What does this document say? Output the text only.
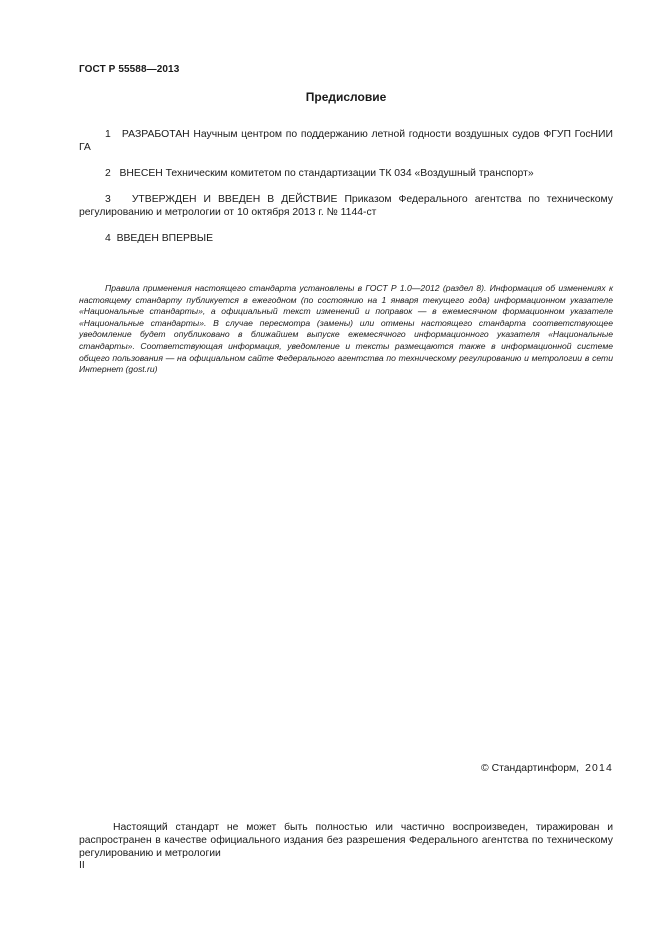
ГОСТ Р 55588—2013
Предисловие
1 РАЗРАБОТАН Научным центром по поддержанию летной годности воздушных судов ФГУП ГосНИИ ГА
2 ВНЕСЕН Техническим комитетом по стандартизации ТК 034 «Воздушный транспорт»
3 УТВЕРЖДЕН И ВВЕДЕН В ДЕЙСТВИЕ Приказом Федерального агентства по техническому регулированию и метрологии от 10 октября 2013 г. № 1144-ст
4 ВВЕДЕН ВПЕРВЫЕ
Правила применения настоящего стандарта установлены в ГОСТ Р 1.0—2012 (раздел 8). Информация об изменениях к настоящему стандарту публикуется в ежегодном (по состоянию на 1 января текущего года) информационном указателе «Национальные стандарты», а официальный текст изменений и поправок — в ежемесячном формационном указателе «Национальные стандарты». В случае пересмотра (замены) или отмены настоящего стандарта соответствующее уведомление будет опубликовано в ближайшем выпуске ежемесячного информационного указателя «Национальные стандарты». Соответствующая информация, уведомление и тексты размещаются также в информационной системе общего пользования — на официальном сайте Федерального агентства по техническому регулированию и метрологии в сети Интернет (gost.ru)
© Стандартинформ, 2014
Настоящий стандарт не может быть полностью или частично воспроизведен, тиражирован и распространен в качестве официального издания без разрешения Федерального агентства по техническому регулированию и метрологии
II
